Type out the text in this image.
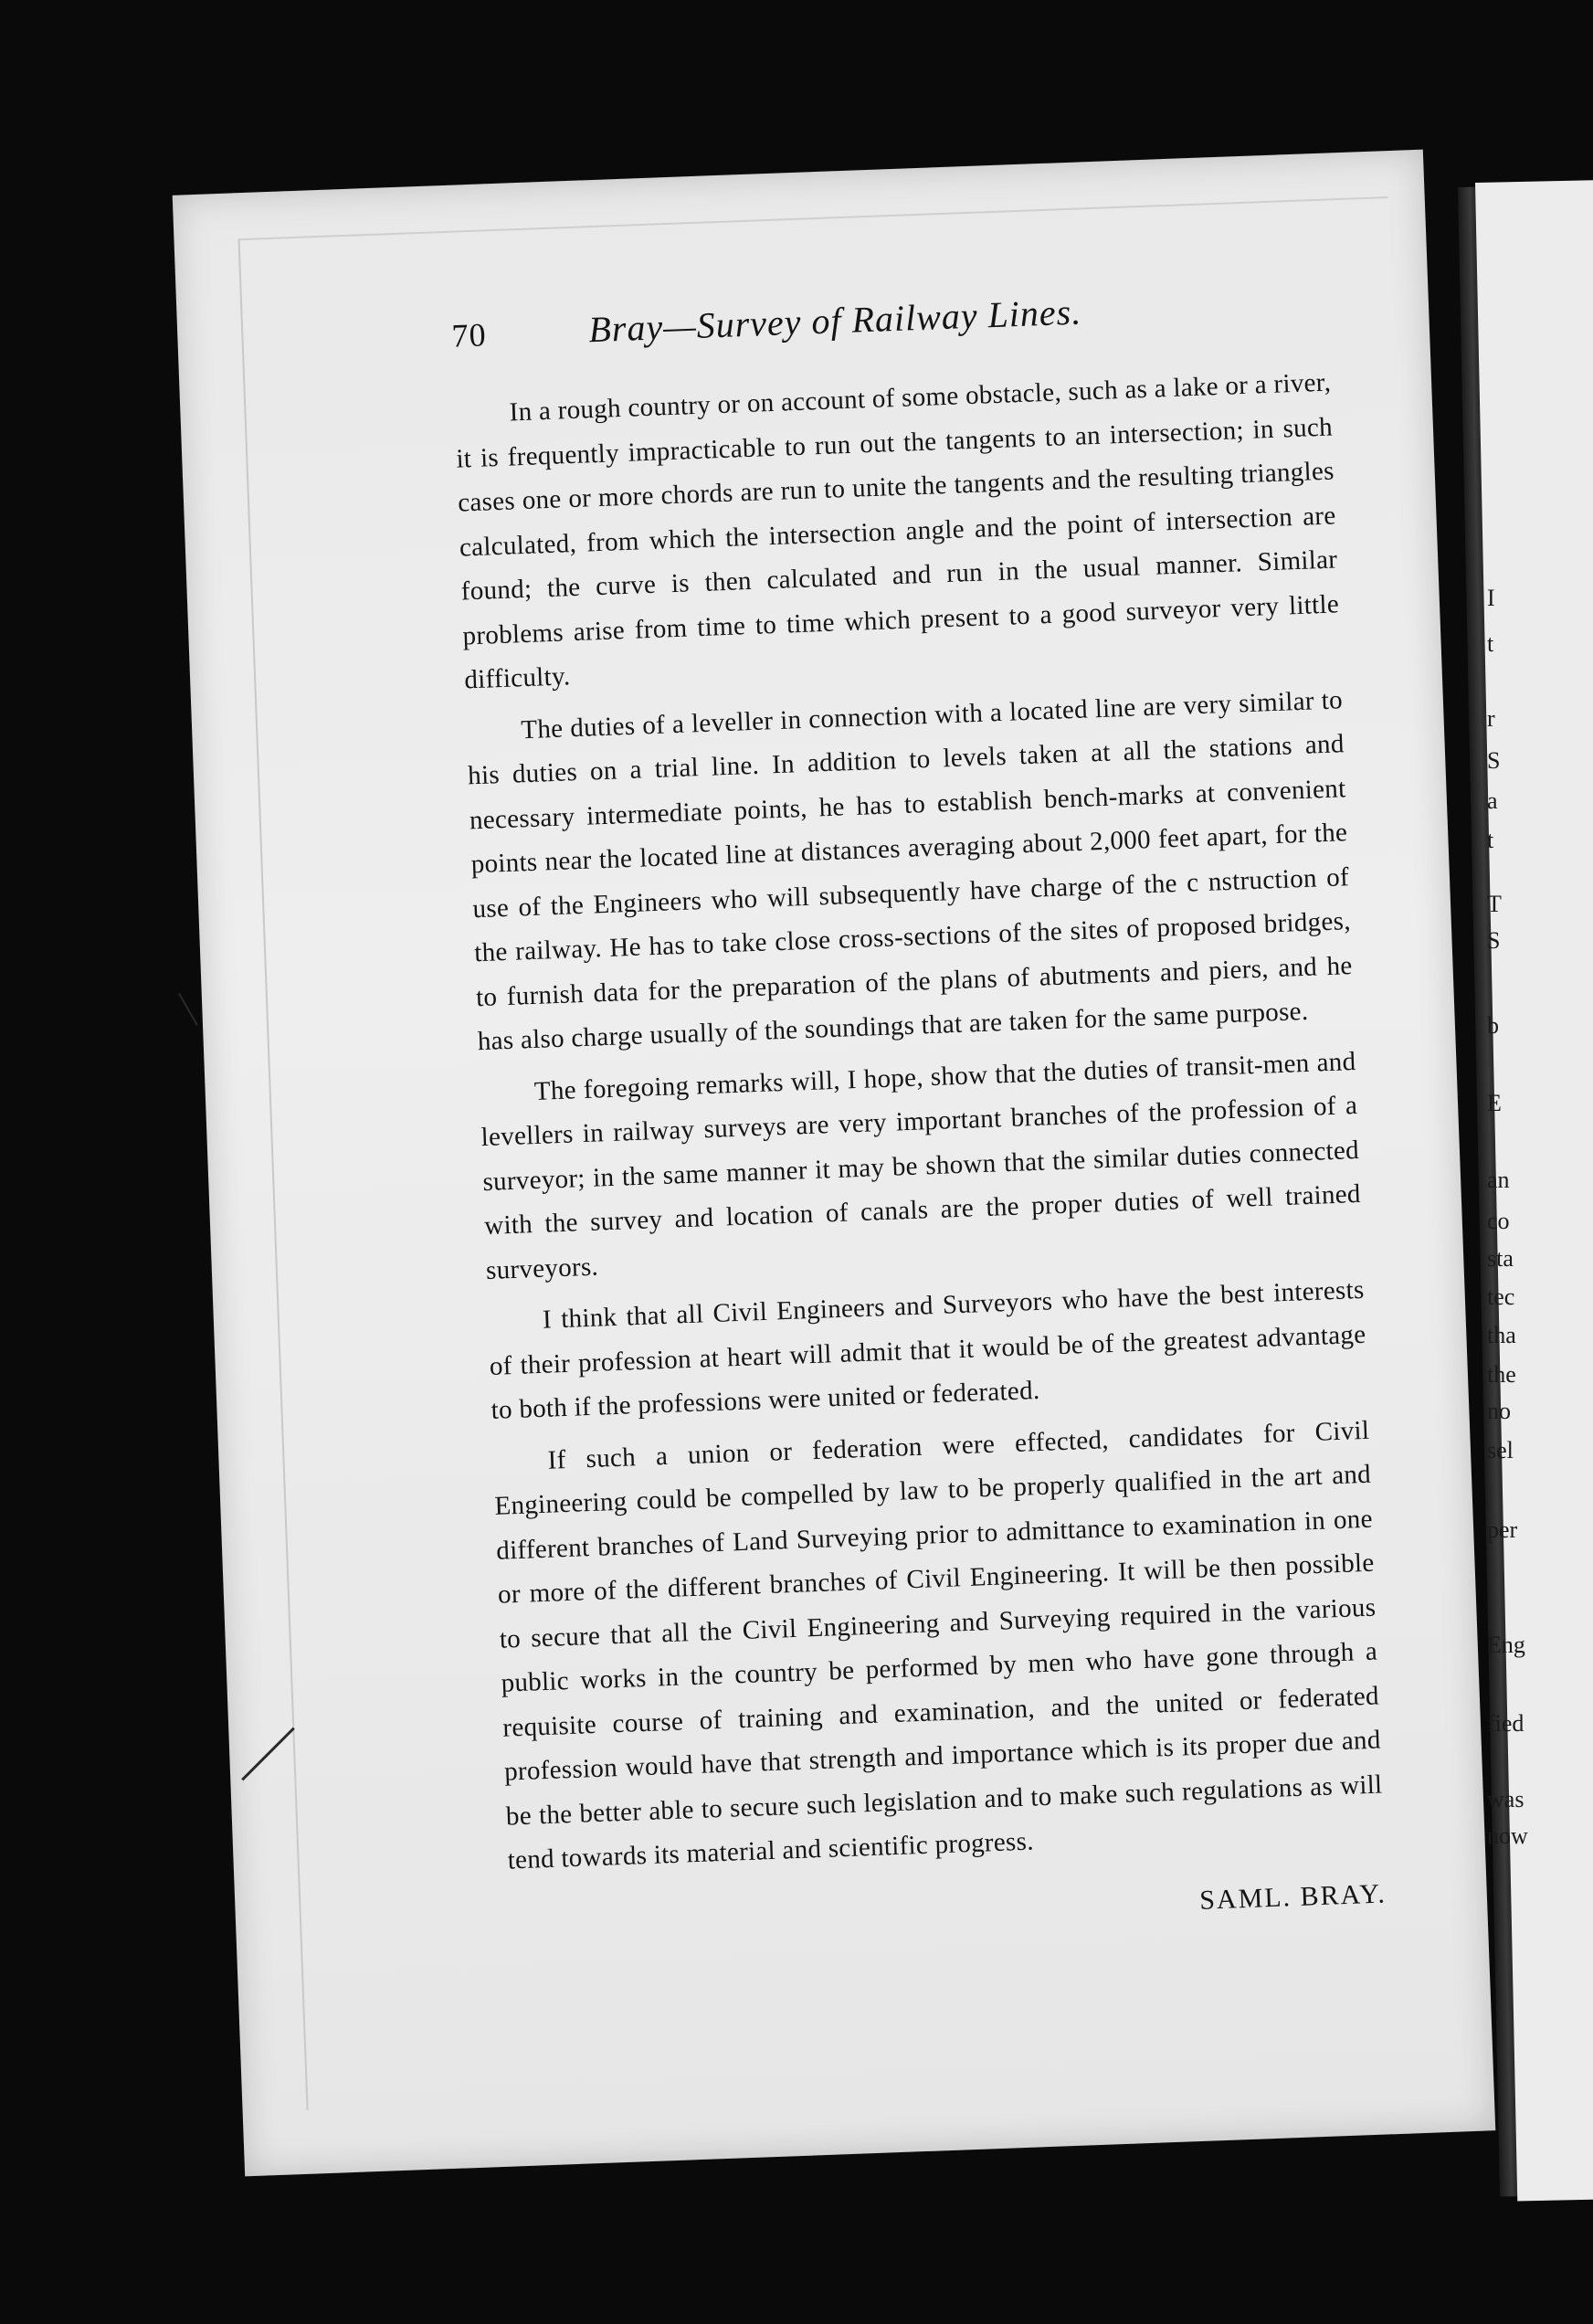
I
t
r
S
a
t
T
S
b
E
an
co
sta
tec
tha
the
no
sel
per
Eng
fied
was
now
70	Bray—Survey of Railway Lines.

In a rough country or on account of some obstacle, such as a lake or a river, it is frequently impracticable to run out the tangents to an intersection; in such cases one or more chords are run to unite the tangents and the resulting triangles calculated, from which the intersection angle and the point of intersection are found; the curve is then calculated and run in the usual manner. Similar problems arise from time to time which present to a good surveyor very little difficulty.

The duties of a leveller in connection with a located line are very similar to his duties on a trial line. In addition to levels taken at all the stations and necessary intermediate points, he has to establish bench-marks at convenient points near the located line at distances averaging about 2,000 feet apart, for the use of the Engineers who will subsequently have charge of the c nstruction of the railway. He has to take close cross-sections of the sites of proposed bridges, to furnish data for the preparation of the plans of abutments and piers, and he has also charge usually of the soundings that are taken for the same purpose.

The foregoing remarks will, I hope, show that the duties of transit-men and levellers in railway surveys are very important branches of the profession of a surveyor; in the same manner it may be shown that the similar duties connected with the survey and location of canals are the proper duties of well trained surveyors.

I think that all Civil Engineers and Surveyors who have the best interests of their profession at heart will admit that it would be of the greatest advantage to both if the professions were united or federated.

If such a union or federation were effected, candidates for Civil Engineering could be compelled by law to be properly qualified in the art and different branches of Land Surveying prior to admittance to examination in one or more of the different branches of Civil Engineering. It will be then possible to secure that all the Civil Engineering and Surveying required in the various public works in the country be performed by men who have gone through a requisite course of training and examination, and the united or federated profession would have that strength and importance which is its proper due and be the better able to secure such legislation and to make such regulations as will tend towards its material and scientific progress.

SAML. BRAY.
